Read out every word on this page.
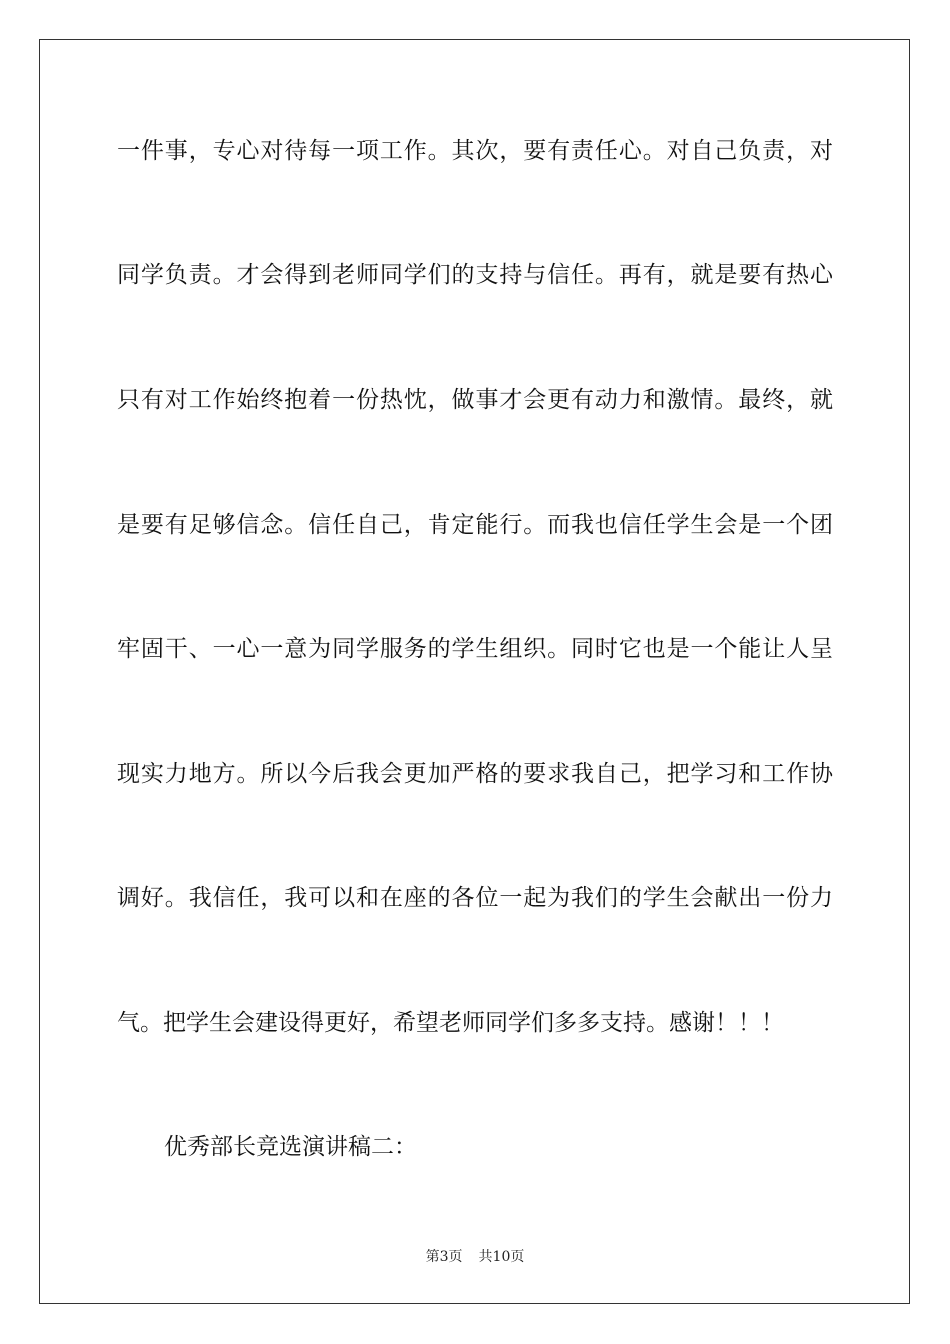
一件事，专心对待每一项工作。其次，要有责任心。对自己负责，对
同学负责。才会得到老师同学们的支持与信任。再有，就是要有热心
只有对工作始终抱着一份热忱，做事才会更有动力和激情。最终，就
是要有足够信念。信任自己，肯定能行。而我也信任学生会是一个团
牢固干、一心一意为同学服务的学生组织。同时它也是一个能让人呈
现实力地方。所以今后我会更加严格的要求我自己，把学习和工作协
调好。我信任，我可以和在座的各位一起为我们的学生会献出一份力
气。把学生会建设得更好，希望老师同学们多多支持。感谢！！！
优秀部长竞选演讲稿二：
第3页 共10页
